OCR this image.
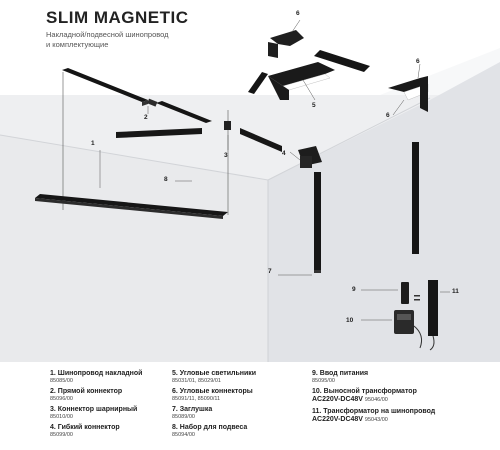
SLIM MAGNETIC
Накладной/подвесной шинопровод
и комплектующие
1
2
3	4
5
6
6
6
7
8
9
10
11
1. Шинопровод накладной
85085/00
2. Прямой коннектор
85096/00
3. Коннектор шарнирный
85010/00
4. Гибкий коннектор
85099/00
5. Угловые светильники
85031/01, 85029/01
6. Угловые коннекторы
85091/11, 85090/11
7. Заглушка
85089/00
8. Набор для подвеса
85094/00
9. Ввод питания
85095/00
10. Выносной трансформатор
AC220V-DC48V 95046/00
11. Трансформатор на шинопровод
AC220V-DC48V 95043/00
